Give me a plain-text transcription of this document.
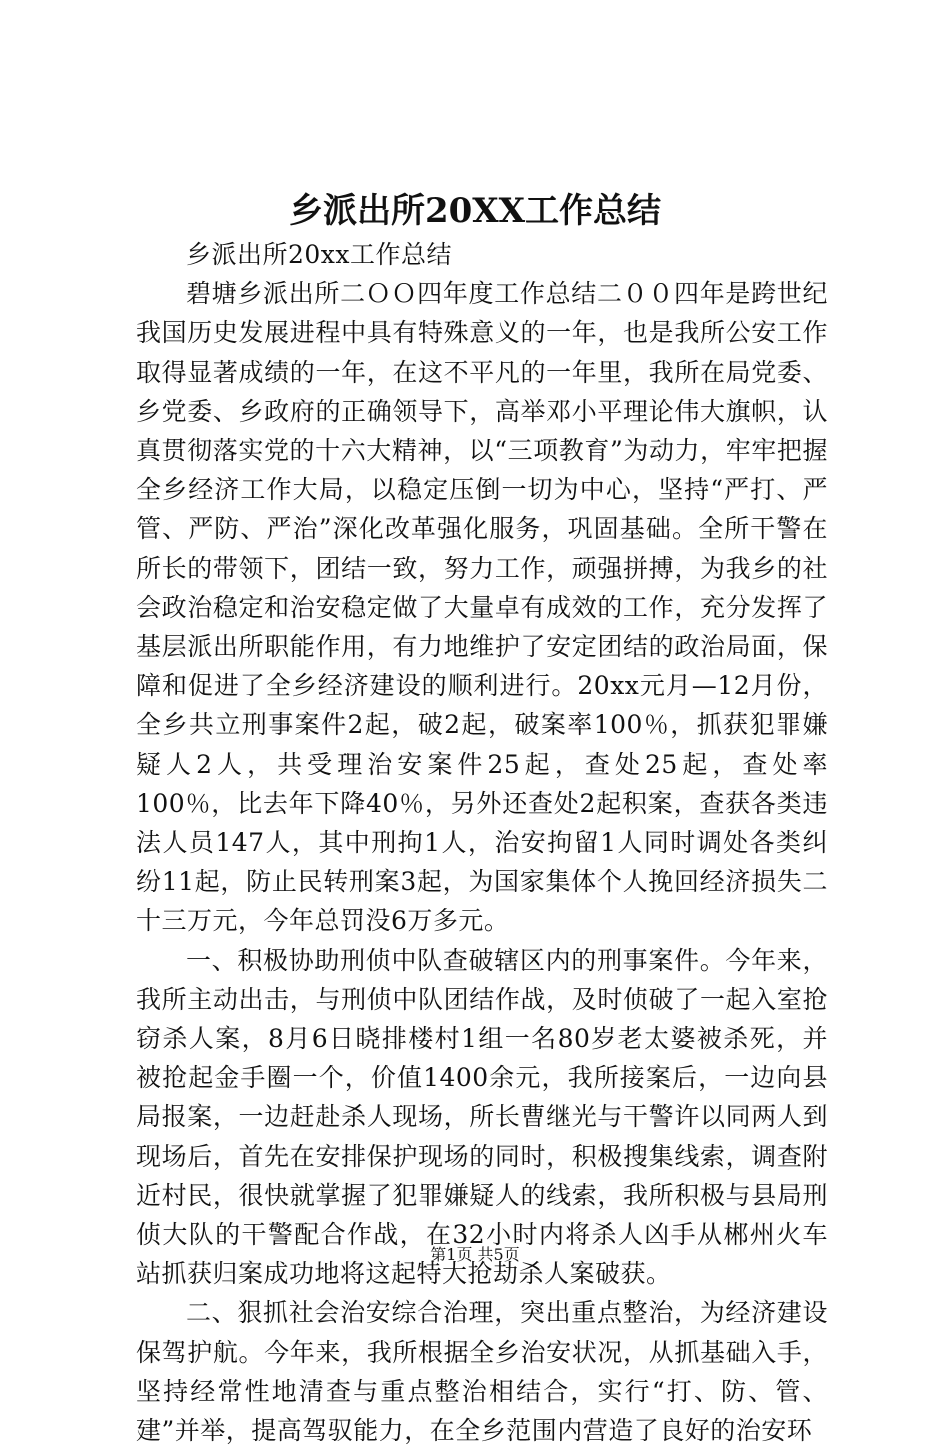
乡派出所20XX工作总结

乡派出所20xx工作总结

碧塘乡派出所二ＯＯ四年度工作总结二００四年是跨世纪我国历史发展进程中具有特殊意义的一年，也是我所公安工作取得显著成绩的一年，在这不平凡的一年里，我所在局党委、乡党委、乡政府的正确领导下，高举邓小平理论伟大旗帜，认真贯彻落实党的十六大精神，以“三项教育”为动力，牢牢把握全乡经济工作大局，以稳定压倒一切为中心，坚持“严打、严管、严防、严治”深化改革强化服务，巩固基础。全所干警在所长的带领下，团结一致，努力工作，顽强拼搏，为我乡的社会政治稳定和治安稳定做了大量卓有成效的工作，充分发挥了基层派出所职能作用，有力地维护了安定团结的政治局面，保障和促进了全乡经济建设的顺利进行。20xx元月—12月份，全乡共立刑事案件2起，破2起，破案率100％，抓获犯罪嫌疑人2人，共受理治安案件25起，查处25起，查处率100％，比去年下降40％，另外还查处2起积案，查获各类违法人员147人，其中刑拘1人，治安拘留1人同时调处各类纠纷11起，防止民转刑案3起，为国家集体个人挽回经济损失二十三万元，今年总罚没6万多元。

一、积极协助刑侦中队查破辖区内的刑事案件。今年来，我所主动出击，与刑侦中队团结作战，及时侦破了一起入室抢窃杀人案，8月6日晓排楼村1组一名80岁老太婆被杀死，并被抢起金手圈一个，价值1400余元，我所接案后，一边向县局报案，一边赶赴杀人现场，所长曹继光与干警许以同两人到现场后，首先在安排保护现场的同时，积极搜集线索，调查附近村民，很快就掌握了犯罪嫌疑人的线索，我所积极与县局刑侦大队的干警配合作战，在32小时内将杀人凶手从郴州火车站抓获归案成功地将这起特大抢劫杀人案破获。

二、狠抓社会治安综合治理，突出重点整治，为经济建设保驾护航。今年来，我所根据全乡治安状况，从抓基础入手，坚持经常性地清查与重点整治相结合，实行“打、防、管、建”并举，提高驾驭能力，在全乡范围内营造了良好的治安环

第1页 共5页
